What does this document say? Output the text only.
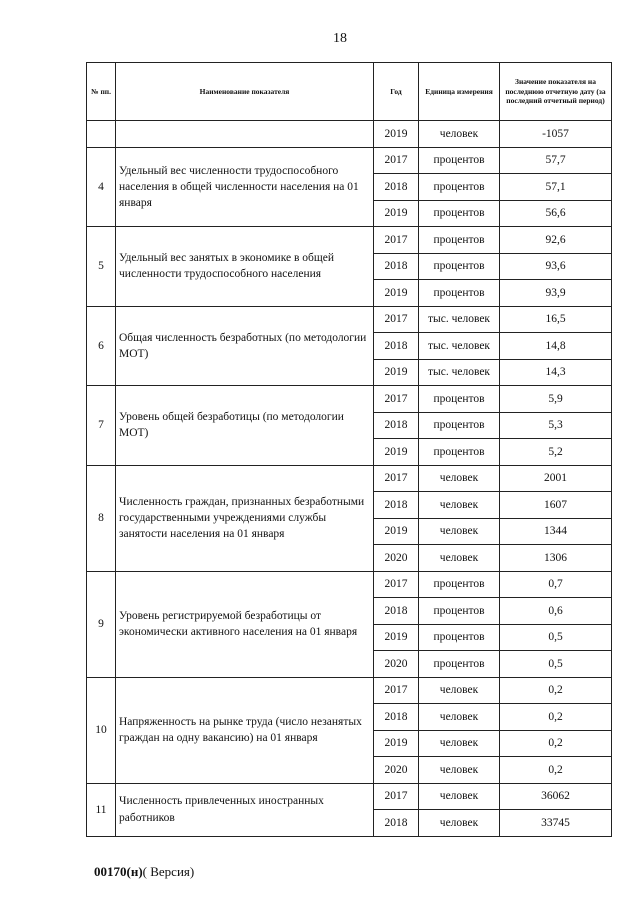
18
№ пп.	Наименование показателя	Год	Единица измерения	Значение показателя на последнюю отчетную дату (за последний отчетный период)
		2019	человек	-1057
4	Удельный вес численности трудоспособного населения в общей численности населения на 01 января	2017	процентов	57,7
		2018	процентов	57,1
		2019	процентов	56,6
5	Удельный вес занятых в экономике в общей численности трудоспособного населения	2017	процентов	92,6
		2018	процентов	93,6
		2019	процентов	93,9
6	Общая численность безработных (по методологии МОТ)	2017	тыс. человек	16,5
		2018	тыс. человек	14,8
		2019	тыс. человек	14,3
7	Уровень общей безработицы (по методологии МОТ)	2017	процентов	5,9
		2018	процентов	5,3
		2019	процентов	5,2
8	Численность граждан, признанных безработными государственными учреждениями службы занятости населения на 01 января	2017	человек	2001
		2018	человек	1607
		2019	человек	1344
		2020	человек	1306
9	Уровень регистрируемой безработицы от экономически активного населения на 01 января	2017	процентов	0,7
		2018	процентов	0,6
		2019	процентов	0,5
		2020	процентов	0,5
10	Напряженность на рынке труда (число незанятых граждан на одну вакансию) на 01 января	2017	человек	0,2
		2018	человек	0,2
		2019	человек	0,2
		2020	человек	0,2
11	Численность привлеченных иностранных работников	2017	человек	36062
		2018	человек	33745
00170(н)( Версия)
